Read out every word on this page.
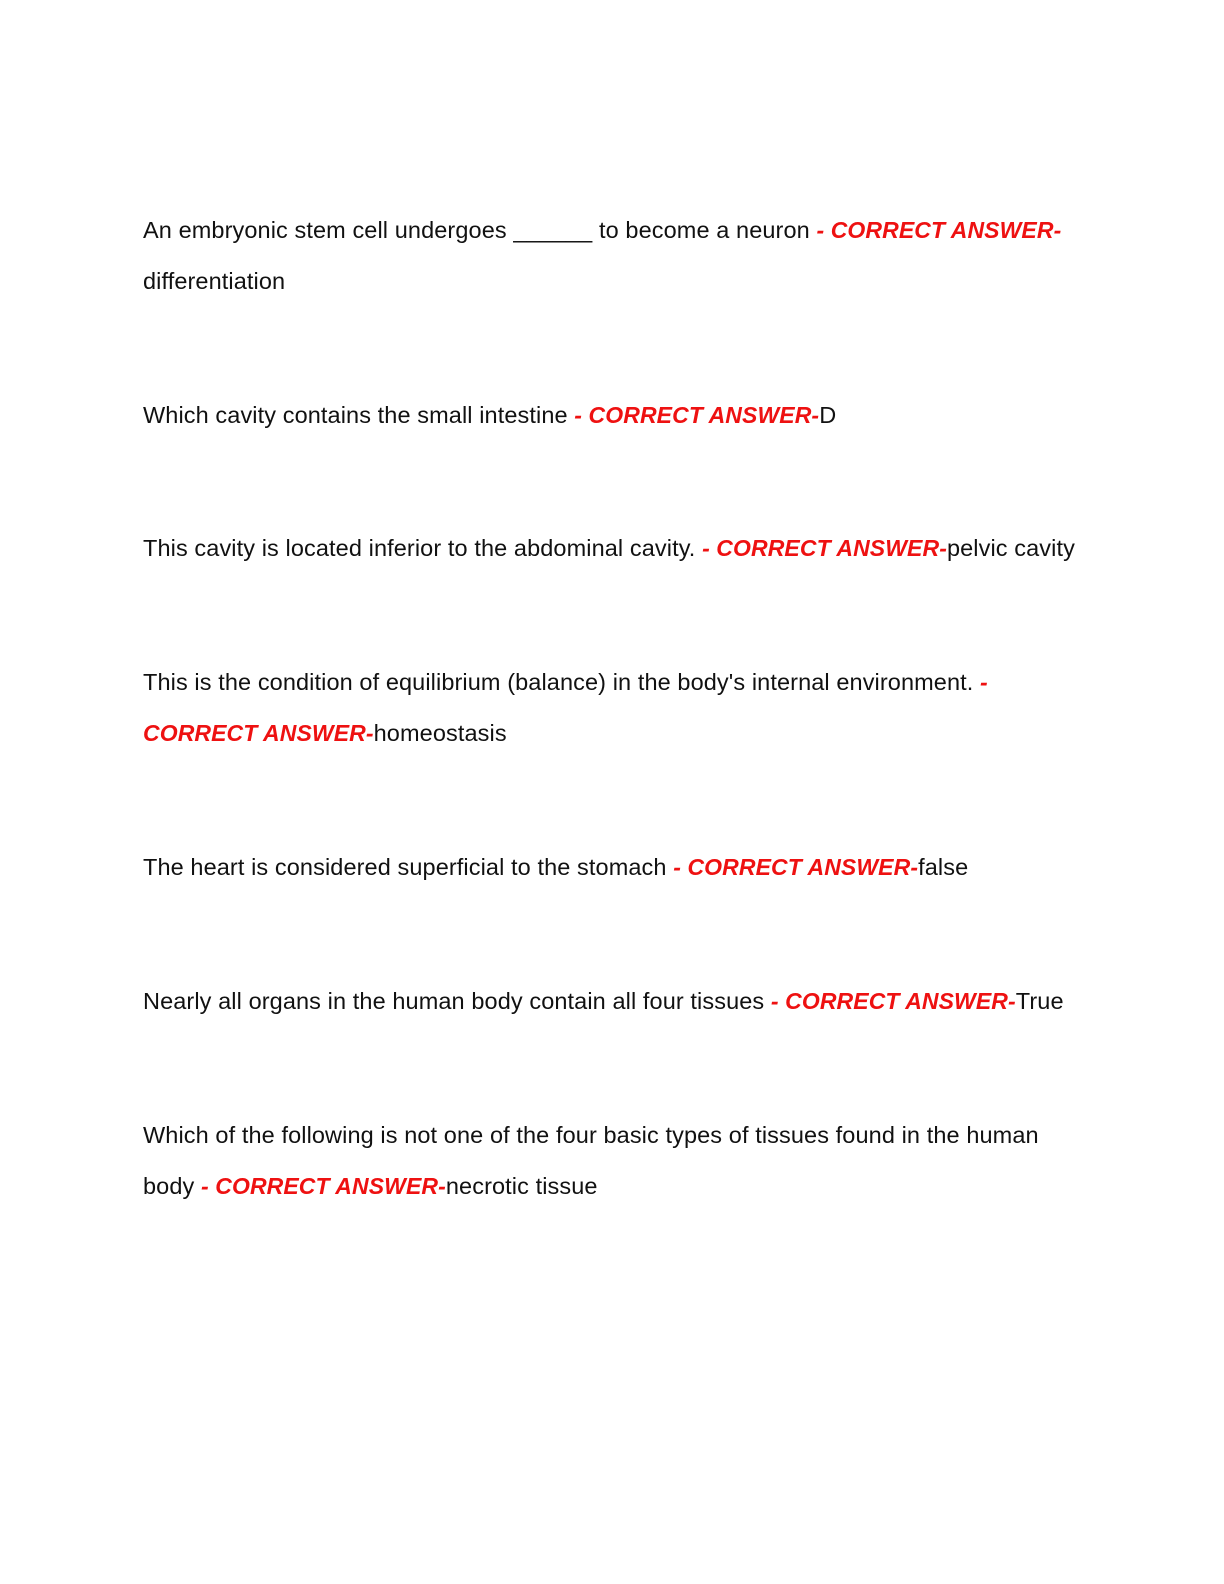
An embryonic stem cell undergoes ______ to become a neuron - CORRECT ANSWER-differentiation

Which cavity contains the small intestine - CORRECT ANSWER-D

This cavity is located inferior to the abdominal cavity. - CORRECT ANSWER-pelvic cavity

This is the condition of equilibrium (balance) in the body's internal environment. - CORRECT ANSWER-homeostasis

The heart is considered superficial to the stomach - CORRECT ANSWER-false

Nearly all organs in the human body contain all four tissues - CORRECT ANSWER-True

Which of the following is not one of the four basic types of tissues found in the human body - CORRECT ANSWER-necrotic tissue
